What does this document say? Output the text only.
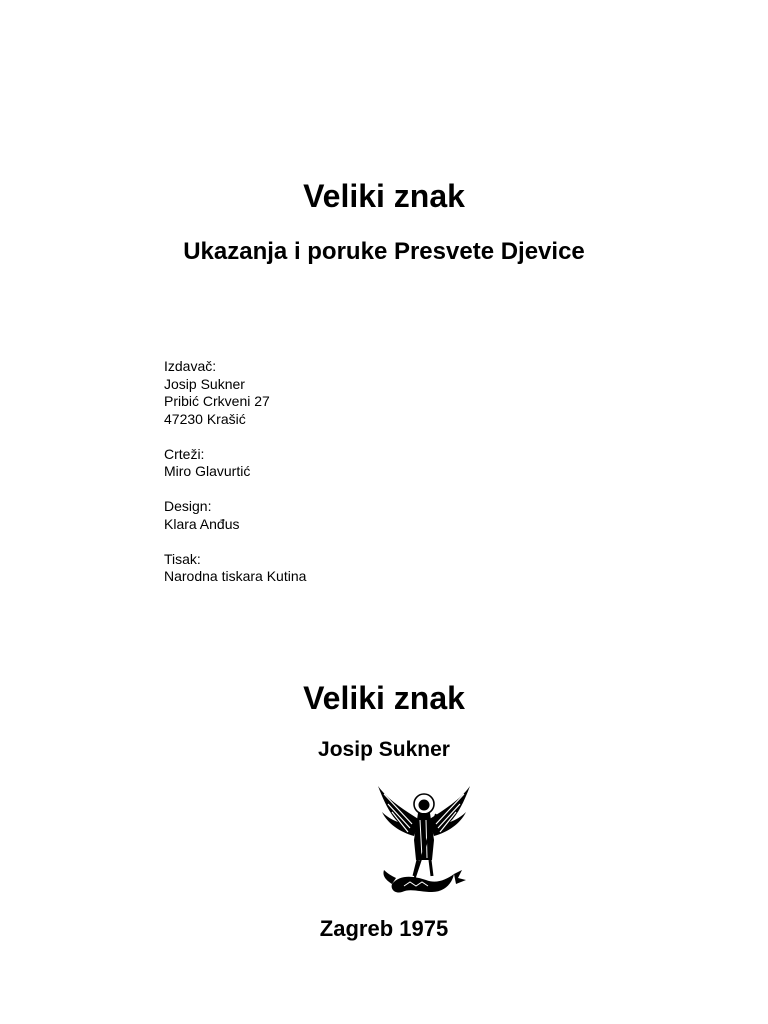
Veliki znak
Ukazanja i poruke Presvete Djevice
Izdavač:
Josip Sukner
Pribić Crkveni 27
47230 Krašić
Crteži:
Miro Glavurtić
Design:
Klara Anđus
Tisak:
Narodna tiskara Kutina
Veliki znak
Josip Sukner
Zagreb 1975
